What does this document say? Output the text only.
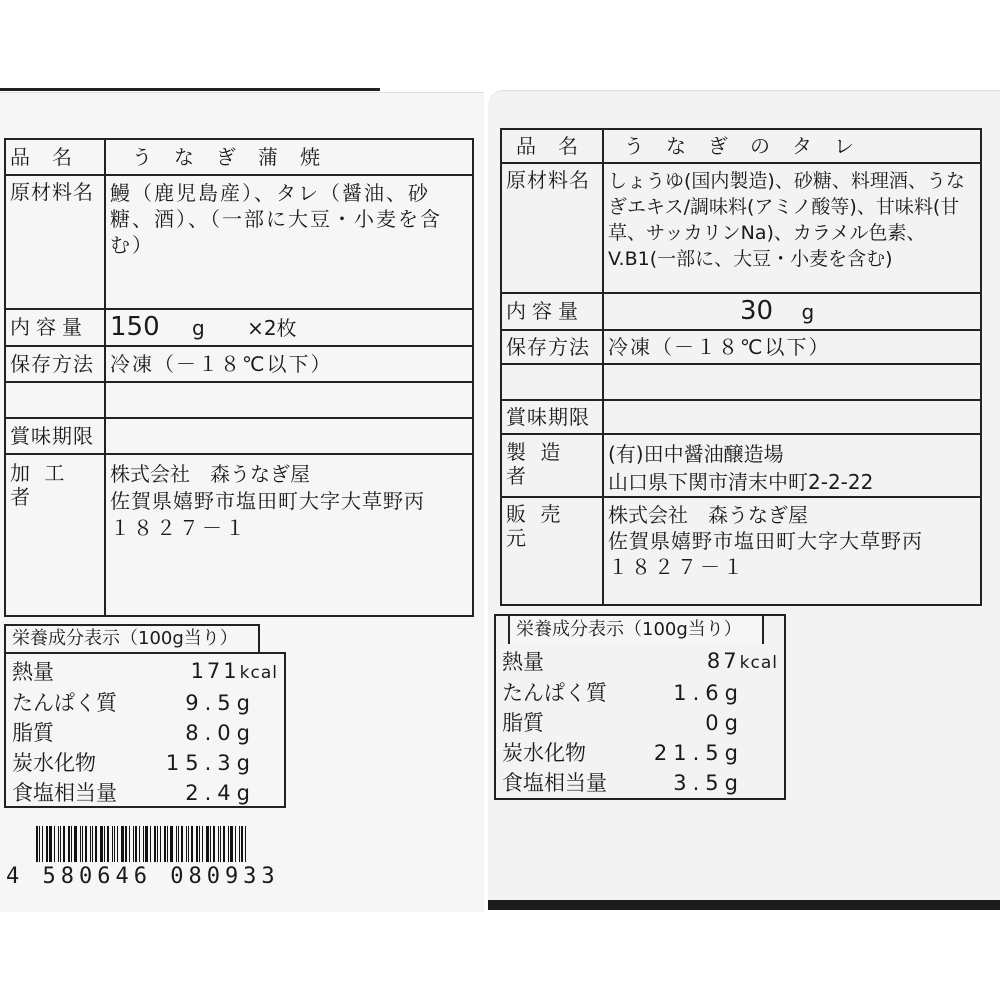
品　名	うなぎ蒲焼
原材料名	鰻（鹿児島産）、タレ（醤油、砂糖、酒）、（一部に大豆・小麦を含む）
内容量	150 g ×2枚
保存方法	冷凍（－１８℃以下）

賞味期限	
加 工 者	株式会社　森うなぎ屋
佐賀県嬉野市塩田町大字大草野丙
１８２７－１
栄養成分表示（100g当り）
熱量	171kcal
たんぱく質	9.5g
脂質	8.0g
炭水化物	15.3g
食塩相当量	2.4g
4 580646 080933
品　名	うなぎのタレ
原材料名	しょうゆ(国内製造)、砂糖、料理酒、うなぎエキス/調味料(アミノ酸等)、甘味料(甘草、サッカリンNa)、カラメル色素、V.B1(一部に、大豆・小麦を含む)
内容量	30 g
保存方法	冷凍（－１８℃以下）

賞味期限	
製 造 者	(有)田中醤油醸造場
山口県下関市清末中町2-2-22

販 売 元	株式会社　森うなぎ屋
佐賀県嬉野市塩田町大字大草野丙
１８２７－１
栄養成分表示（100g当り）
熱量	87kcal
たんぱく質	1.6g
脂質	0g
炭水化物	21.5g
食塩相当量	3.5g
